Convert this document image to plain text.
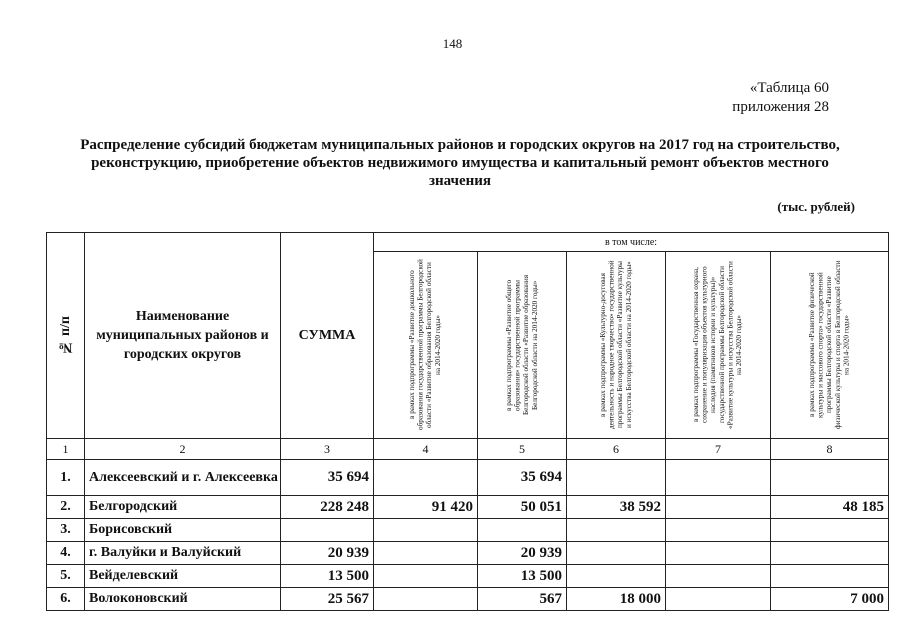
148
«Таблица 60
приложения 28
Распределение субсидий бюджетам муниципальных районов и городских округов на 2017 год на строительство, реконструкцию, приобретение объектов недвижимого имущества и капитальный ремонт объектов местного значения
(тыс. рублей)
№ п/п	Наименование муниципальных районов и городских округов	СУММА	в том числе:				

			в рамках подпрограммы «Развитие дошкольного образования государственной программы Белгородской области «Развитие образования Белгородской области на 2014-2020 годы»	в рамках подпрограммы «Развитие общего образования» государственной программы Белгородской области «Развитие образования Белгородской области на 2014-2020 годы»	в рамках подпрограммы «Культурно-досуговая деятельность и народное творчество» государственной программы Белгородской области «Развитие культуры и искусства Белгородской области на 2014-2020 годы»	в рамках подпрограммы «Государственная охрана, сохранение и популяризация объектов культурного наследия (памятников истории и культуры)» государственной программы Белгородской области «Развитие культуры и искусства Белгородской области на 2014-2020 годы»	в рамках подпрограммы «Развитие физической культуры и массового спорта» государственной программы Белгородской области «Развитие физической культуры и спорта в Белгородской области на 2014-2020 годы»

1	2	3	4	5	6	7	8
1.	Алексеевский и г. Алексеевка	35 694		35 694			
2.	Белгородский	228 248	91 420	50 051	38 592		48 185
3.	Борисовский						
4.	г. Валуйки и Валуйский	20 939		20 939			
5.	Вейделевский	13 500		13 500			
6.	Волоконовский	25 567		567	18 000		7 000
